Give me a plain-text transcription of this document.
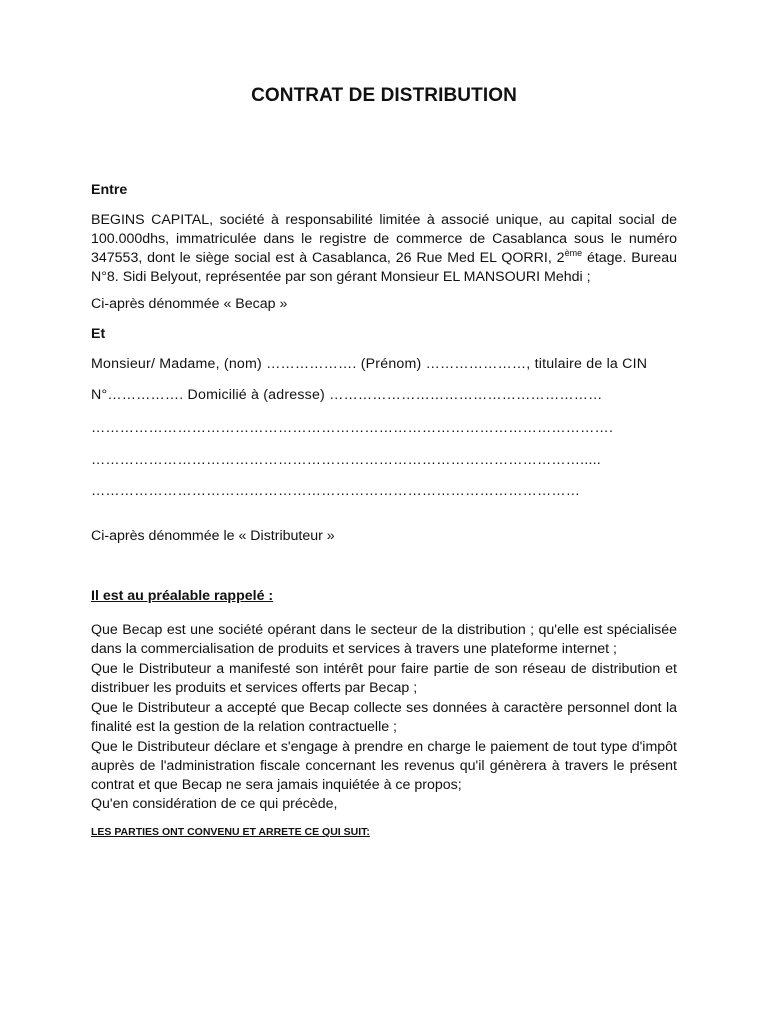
CONTRAT DE DISTRIBUTION

Entre

BEGINS CAPITAL, société à responsabilité limitée à associé unique, au capital social de 100.000dhs, immatriculée dans le registre de commerce de Casablanca sous le numéro 347553, dont le siège social est à Casablanca, 26 Rue Med EL QORRI, 2ème étage. Bureau N°8. Sidi Belyout, représentée par son gérant Monsieur EL MANSOURI Mehdi ;

Ci-après dénommée « Becap »

Et

Monsieur/ Madame, (nom) ………………. (Prénom) …………………, titulaire de la CIN

N°……………. Domicilié à (adresse) …………………………………………………

……………………………………………………………………………………………….

………………………………………………………………………………………….....

…………………………………………………………………………………………

Ci-après dénommée le « Distributeur »

Il est au préalable rappelé :

Que Becap est une société opérant dans le secteur de la distribution ; qu'elle est spécialisée dans la commercialisation de produits et services à travers une plateforme internet ;

Que le Distributeur a manifesté son intérêt pour faire partie de son réseau de distribution et distribuer les produits et services offerts par Becap ;

Que le Distributeur a accepté que Becap collecte ses données à caractère personnel dont la finalité est la gestion de la relation contractuelle ;

Que le Distributeur déclare et s'engage à prendre en charge le paiement de tout type d'impôt auprès de l'administration fiscale concernant les revenus qu'il génèrera à travers le présent contrat et que Becap ne sera jamais inquiétée à ce propos;

Qu'en considération de ce qui précède,

LES PARTIES ONT CONVENU ET ARRETE CE QUI SUIT:
